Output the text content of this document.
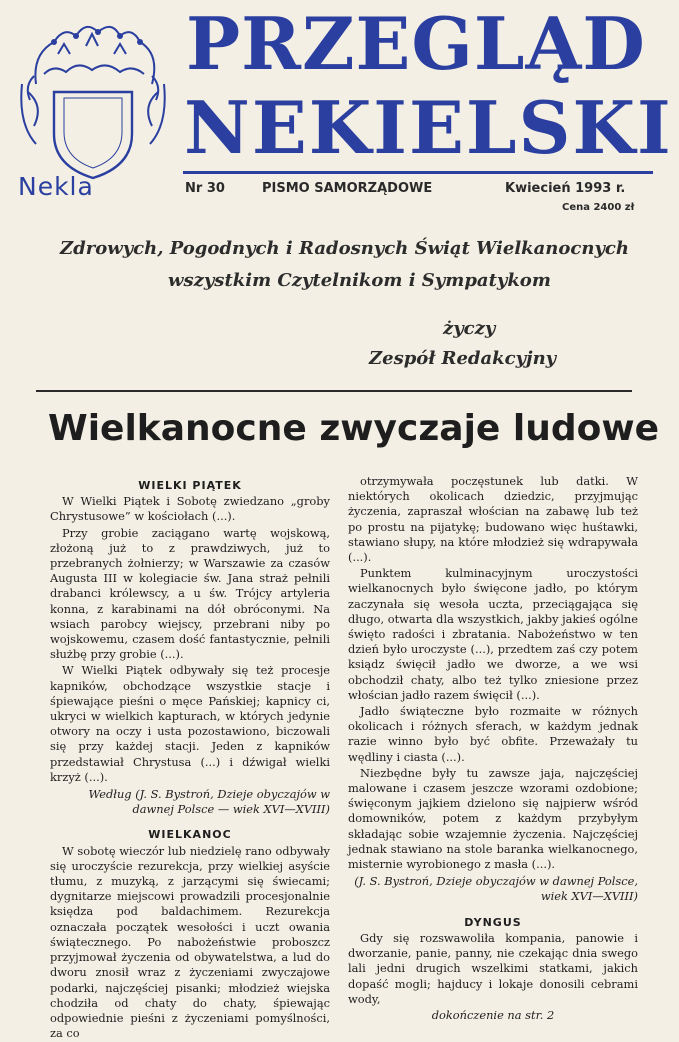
Nekla
PRZEGLĄD
NEKIELSKI
Nr 30	PISMO SAMORZĄDOWE	Kwiecień 1993 r.
Cena 2400 zł
Zdrowych, Pogodnych i Radosnych Świąt Wielkanocnych
wszystkim Czytelnikom i Sympatykom
życzy
Zespół Redakcyjny
Wielkanocne zwyczaje ludowe

WIELKI PIĄTEK

W Wielki Piątek i Sobotę zwiedzano „groby Chrystusowe” w kościołach (...).

Przy grobie zaciągano wartę wojskową, złożoną już to z prawdziwych, już to przebranych żołnierzy; w Warszawie za czasów Augusta III w kolegiacie św. Jana straż pełnili drabanci królewscy, a u św. Trójcy artyleria konna, z karabinami na dół obróconymi. Na wsiach parobcy wiejscy, przebrani niby po wojskowemu, czasem dość fantastycznie, pełnili służbę przy grobie (...).

W Wielki Piątek odbywały się też procesje kapników, obchodzące wszystkie stacje i śpiewające pieśni o męce Pańskiej; kapnicy ci, ukryci w wielkich kapturach, w których jedynie otwory na oczy i usta pozostawiono, biczowali się przy każdej stacji. Jeden z kapników przedstawiał Chrystusa (...) i dźwigał wielki krzyż (...).

Według (J. S. Bystroń, Dzieje obyczajów w dawnej Polsce — wiek XVI—XVIII)

WIELKANOC

W sobotę wieczór lub niedzielę rano odbywały się uroczyście rezurekcja, przy wielkiej asyście tłumu, z muzyką, z jarzącymi się świecami; dygnitarze miejscowi prowadzili procesjonalnie księdza pod baldachimem. Rezurekcja oznaczała początek wesołości i uczt owania świątecznego. Po nabożeństwie proboszcz przyjmował życzenia od obywatelstwa, a lud do dworu znosił wraz z życzeniami zwyczajowe podarki, najczęściej pisanki; młodzież wiejska chodziła od chaty do chaty, śpiewając odpowiednie pieśni z życzeniami pomyślności, za co

otrzymywała poczęstunek lub datki. W niektórych okolicach dziedzic, przyjmując życzenia, zapraszał włościan na zabawę lub też po prostu na pijatykę; budowano więc huśtawki, stawiano słupy, na które młodzież się wdrapywała (...).

Punktem kulminacyjnym uroczystości wielkanocnych było święcone jadło, po którym zaczynała się wesoła uczta, przeciągająca się długo, otwarta dla wszystkich, jakby jakieś ogólne święto radości i zbratania. Nabożeństwo w ten dzień było uroczyste (...), przedtem zaś czy potem ksiądz święcił jadło we dworze, a we wsi obchodził chaty, albo też tylko zniesione przez włościan jadło razem święcił (...).

Jadło świąteczne było rozmaite w różnych okolicach i różnych sferach, w każdym jednak razie winno było być obfite. Przeważały tu wędliny i ciasta (...).

Niezbędne były tu zawsze jaja, najczęściej malowane i czasem jeszcze wzorami ozdobione; święconym jajkiem dzielono się najpierw wśród domowników, potem z każdym przybyłym składając sobie wzajemnie życzenia. Najczęściej jednak stawiano na stole baranka wielkanocnego, misternie wyrobionego z masła (...).

(J. S. Bystroń, Dzieje obyczajów w dawnej Polsce, wiek XVI—XVIII)

DYNGUS

Gdy się rozswawoliła kompania, panowie i dworzanie, panie, panny, nie czekając dnia swego lali jedni drugich wszelkimi statkami, jakich dopaść mogli; hajducy i lokaje donosili cebrami wody,

dokończenie na str. 2
